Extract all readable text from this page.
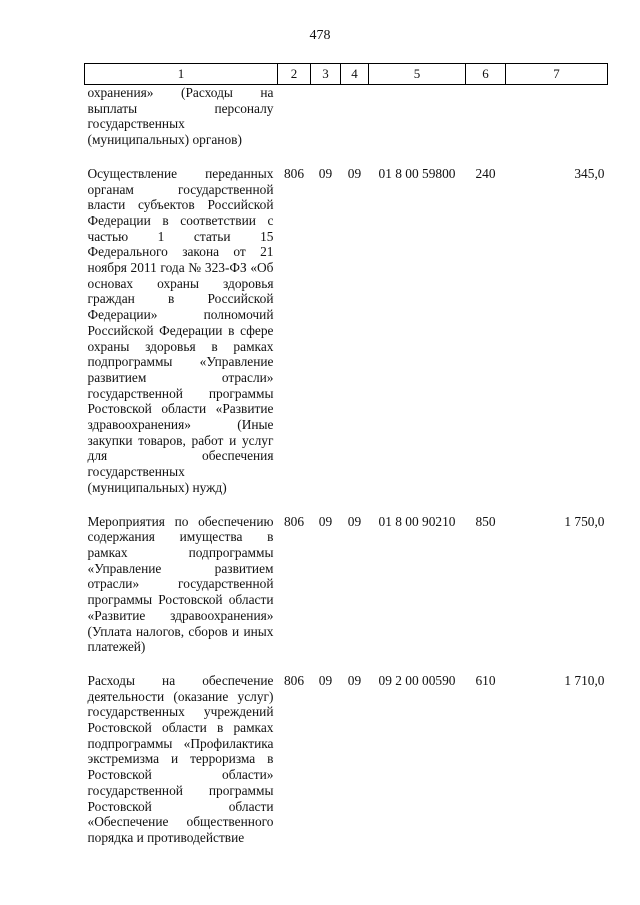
478
1	2	3	4	5	6	7
охранения» (Расходы на выплаты персоналу государственных (муниципальных) органов)						
Осуществление переданных органам государственной власти субъектов Российской Федерации в соответствии с частью 1 статьи 15 Федерального закона от 21 ноября 2011 года № 323-ФЗ «Об основах охраны здоровья граждан в Российской Федерации» полномочий Российской Федерации в сфере охраны здоровья в рамках подпрограммы «Управление развитием отрасли» государственной программы Ростовской области «Развитие здравоохранения» (Иные закупки товаров, работ и услуг для обеспечения государственных (муниципальных) нужд)	806	09	09	01 8 00 59800	240	345,0
Мероприятия по обеспечению содержания имущества в рамках подпрограммы «Управление развитием отрасли» государственной программы Ростовской области «Развитие здравоохранения» (Уплата налогов, сборов и иных платежей)	806	09	09	01 8 00 90210	850	1 750,0
Расходы на обеспечение деятельности (оказание услуг) государственных учреждений Ростовской области в рамках подпрограммы «Профилактика экстремизма и терроризма в Ростовской области» государственной программы Ростовской области «Обеспечение общественного порядка и противодействие	806	09	09	09 2 00 00590	610	1 710,0
